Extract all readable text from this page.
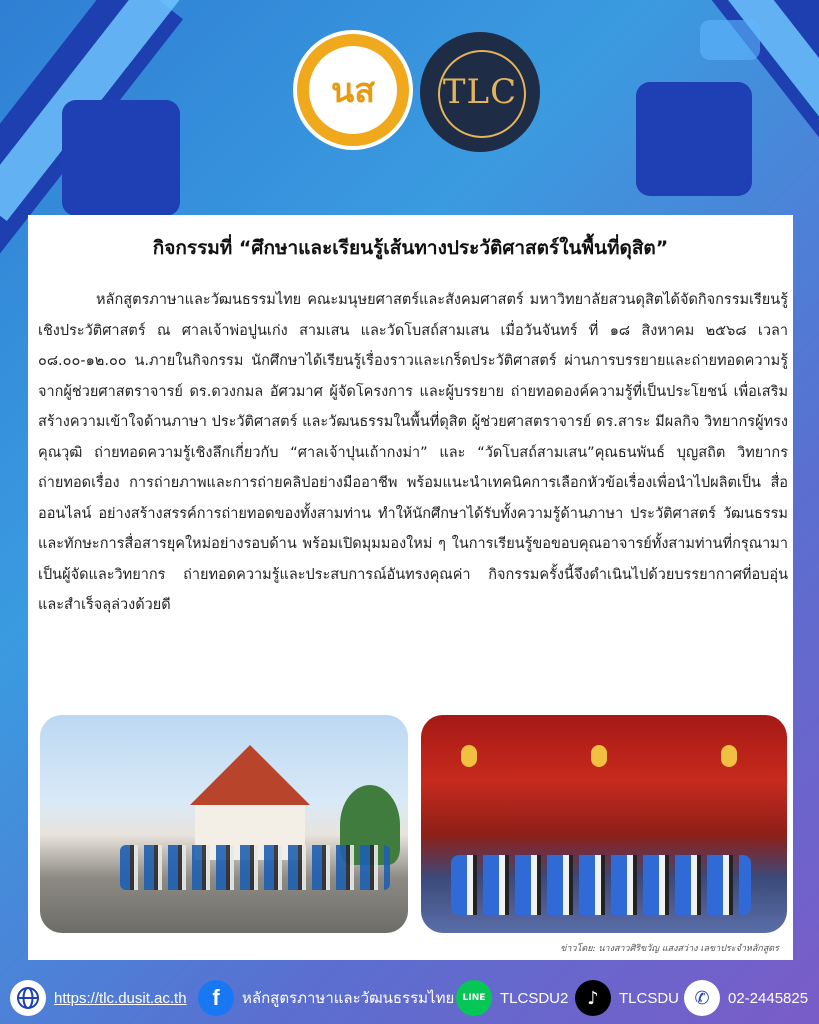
นส	TLC
กิจกรรมที่ “ศึกษาและเรียนรู้เส้นทางประวัติศาสตร์ในพื้นที่ดุสิต”
หลักสูตรภาษาและวัฒนธรรมไทย คณะมนุษยศาสตร์และสังคมศาสตร์ มหาวิทยาลัยสวนดุสิตได้จัดกิจกรรมเรียนรู้เชิงประวัติศาสตร์ ณ ศาลเจ้าพ่อปูนเก่ง สามเสน และวัดโบสถ์สามเสน เมื่อวันจันทร์ ที่ ๑๘ สิงหาคม ๒๕๖๘ เวลา ๐๘.๐๐-๑๒.๐๐ น.ภายในกิจกรรม นักศึกษาได้เรียนรู้เรื่องราวและเกร็ดประวัติศาสตร์ ผ่านการบรรยายและถ่ายทอดความรู้จากผู้ช่วยศาสตราจารย์ ดร.ดวงกมล อัศวมาศ ผู้จัดโครงการ และผู้บรรยาย ถ่ายทอดองค์ความรู้ที่เป็นประโยชน์ เพื่อเสริมสร้างความเข้าใจด้านภาษา ประวัติศาสตร์ และวัฒนธรรมในพื้นที่ดุสิต ผู้ช่วยศาสตราจารย์ ดร.สาระ มีผลกิจ วิทยากรผู้ทรงคุณวุฒิ ถ่ายทอดความรู้เชิงลึกเกี่ยวกับ “ศาลเจ้าปุนเถ้ากงม่า” และ “วัดโบสถ์สามเสน”คุณธนพันธ์ บุญสถิต วิทยากร ถ่ายทอดเรื่อง การถ่ายภาพและการถ่ายคลิปอย่างมืออาชีพ พร้อมแนะนำเทคนิคการเลือกหัวข้อเรื่องเพื่อนำไปผลิตเป็น สื่อออนไลน์ อย่างสร้างสรรค์การถ่ายทอดของทั้งสามท่าน ทำให้นักศึกษาได้รับทั้งความรู้ด้านภาษา ประวัติศาสตร์ วัฒนธรรม และทักษะการสื่อสารยุคใหม่อย่างรอบด้าน พร้อมเปิดมุมมองใหม่ ๆ ในการเรียนรู้ขอขอบคุณอาจารย์ทั้งสามท่านที่กรุณามาเป็นผู้จัดและวิทยากร ถ่ายทอดความรู้และประสบการณ์อันทรงคุณค่า กิจกรรมครั้งนี้จึงดำเนินไปด้วยบรรยากาศที่อบอุ่น และสำเร็จลุล่วงด้วยดี
ข่าวโดย: นางสาวศิริขวัญ แสงสว่าง เลขาประจำหลักสูตร
https://tlc.dusit.ac.th	f	หลักสูตรภาษาและวัฒนธรรมไทย LINE TLCSDU2	♪	TLCSDU ✆	02-2445825
